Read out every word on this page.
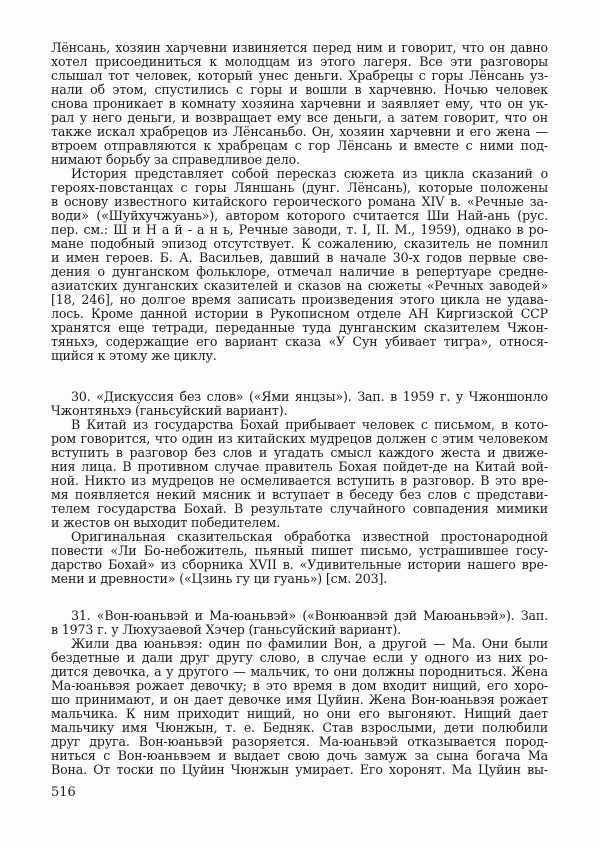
Лёнсань, хозяин харчевни извиняется перед ним и говорит, что он давно
хотел присоединиться к молодцам из этого лагеря. Все эти разговоры
слышал тот человек, который унес деньги. Храбрецы с горы Лёнсань уз-
нали об этом, спустились с горы и вошли в харчевню. Ночью человек
снова проникает в комнату хозяина харчевни и заявляет ему, что он ук-
рал у него деньги, и возвращает ему все деньги, а затем говорит, что он
также искал храбрецов из Лёнсаньбо. Он, хозяин харчевни и его жена —
втроем отправляются к храбрецам с гор Лёнсань и вместе с ними под-
нимают борьбу за справедливое дело.
История представляет собой пересказ сюжета из цикла сказаний о
героях-повстанцах с горы Ляншань (дунг. Лёнсань), которые положены
в основу известного китайского героического романа XIV в. «Речные за-
води» («Шуйхучжуань»), автором которого считается Ши Най-ань (рус.
пер. см.: Ш и Н а й - а н ь, Речные заводи, т. I, II. М., 1959), однако в ро-
мане подобный эпизод отсутствует. К сожалению, сказитель не помнил
и имен героев. Б. А. Васильев, давший в начале 30-х годов первые све-
дения о дунганском фольклоре, отмечал наличие в репертуаре средне-
азиатских дунганских сказителей и сказов на сюжеты «Речных заводей»
[18, 246], но долгое время записать произведения этого цикла не удава-
лось. Кроме данной истории в Рукописном отделе АН Киргизской ССР
хранятся еще тетради, переданные туда дунганским сказителем Чжон-
тяньхэ, содержащие его вариант сказа «У Сун убивает тигра», относя-
щийся к этому же циклу.
30. «Дискуссия без слов» («Ями янцзы»). Зап. в 1959 г. у Чжоншонло
Чжонтяньхэ (ганьсуйский вариант).
В Китай из государства Бохай прибывает человек с письмом, в кото-
ром говорится, что один из китайских мудрецов должен с этим человеком
вступить в разговор без слов и угадать смысл каждого жеста и движе-
ния лица. В противном случае правитель Бохая пойдет-де на Китай вой-
ной. Никто из мудрецов не осмеливается вступить в разговор. В это вре-
мя появляется некий мясник и вступает в беседу без слов с представи-
телем государства Бохай. В результате случайного совпадения мимики
и жестов он выходит победителем.
Оригинальная сказительская обработка известной простонародной
повести «Ли Бо-небожитель, пьяный пишет письмо, устрашившее госу-
дарство Бохай» из сборника XVII в. «Удивительные истории нашего вре-
мени и древности» («Цзинь гу ци гуань») [см. 203].
31. «Вон-юаньвэй и Ма-юаньвэй» («Вонюанвэй дэй Маюаньвэй»). Зап.
в 1973 г. у Люхузаевой Хэчер (ганьсуйский вариант).
Жили два юаньвэя: один по фамилии Вон, а другой — Ма. Они были
бездетные и дали друг другу слово, в случае если у одного из них ро-
дится девочка, а у другого — мальчик, то они должны породниться. Жена
Ма-юаньвэя рожает девочку; в это время в дом входит нищий, его хоро-
шо принимают, и он дает девочке имя Цуйин. Жена Вон-юаньвэя рожает
мальчика. К ним приходит нищий, но они его выгоняют. Нищий дает
мальчику имя Чюнжын, т. е. Бедняк. Став взрослыми, дети полюбили
друг друга. Вон-юаньвэй разоряется. Ма-юаньвэй отказывается пород-
ниться с Вон-юаньвэем и выдает свою дочь замуж за сына богача Ма
Вона. От тоски по Цуйин Чюнжын умирает. Его хоронят. Ма Цуйин вы-
516
